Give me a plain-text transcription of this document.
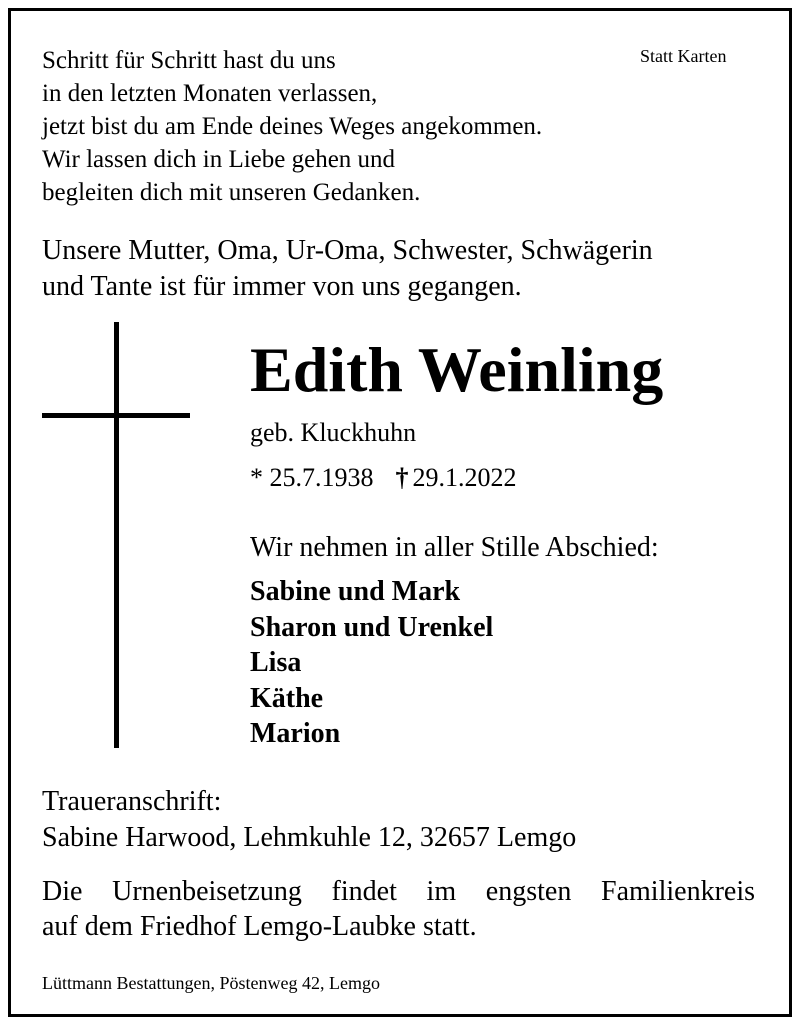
Schritt für Schritt hast du uns
in den letzten Monaten verlassen,
jetzt bist du am Ende deines Weges angekommen.
Wir lassen dich in Liebe gehen und
begleiten dich mit unseren Gedanken.
Statt Karten
Unsere Mutter, Oma, Ur-Oma, Schwester, Schwägerin
und Tante ist für immer von uns gegangen.
Edith Weinling
geb. Kluckhuhn
* 25.7.1938 † 29.1.2022
Wir nehmen in aller Stille Abschied:
Sabine und Mark
Sharon und Urenkel
Lisa
Käthe
Marion
Traueranschrift:
Sabine Harwood, Lehmkuhle 12, 32657 Lemgo
Die Urnenbeisetzung findet im engsten Familienkreis
auf dem Friedhof Lemgo-Laubke statt.
Lüttmann Bestattungen, Pöstenweg 42, Lemgo
